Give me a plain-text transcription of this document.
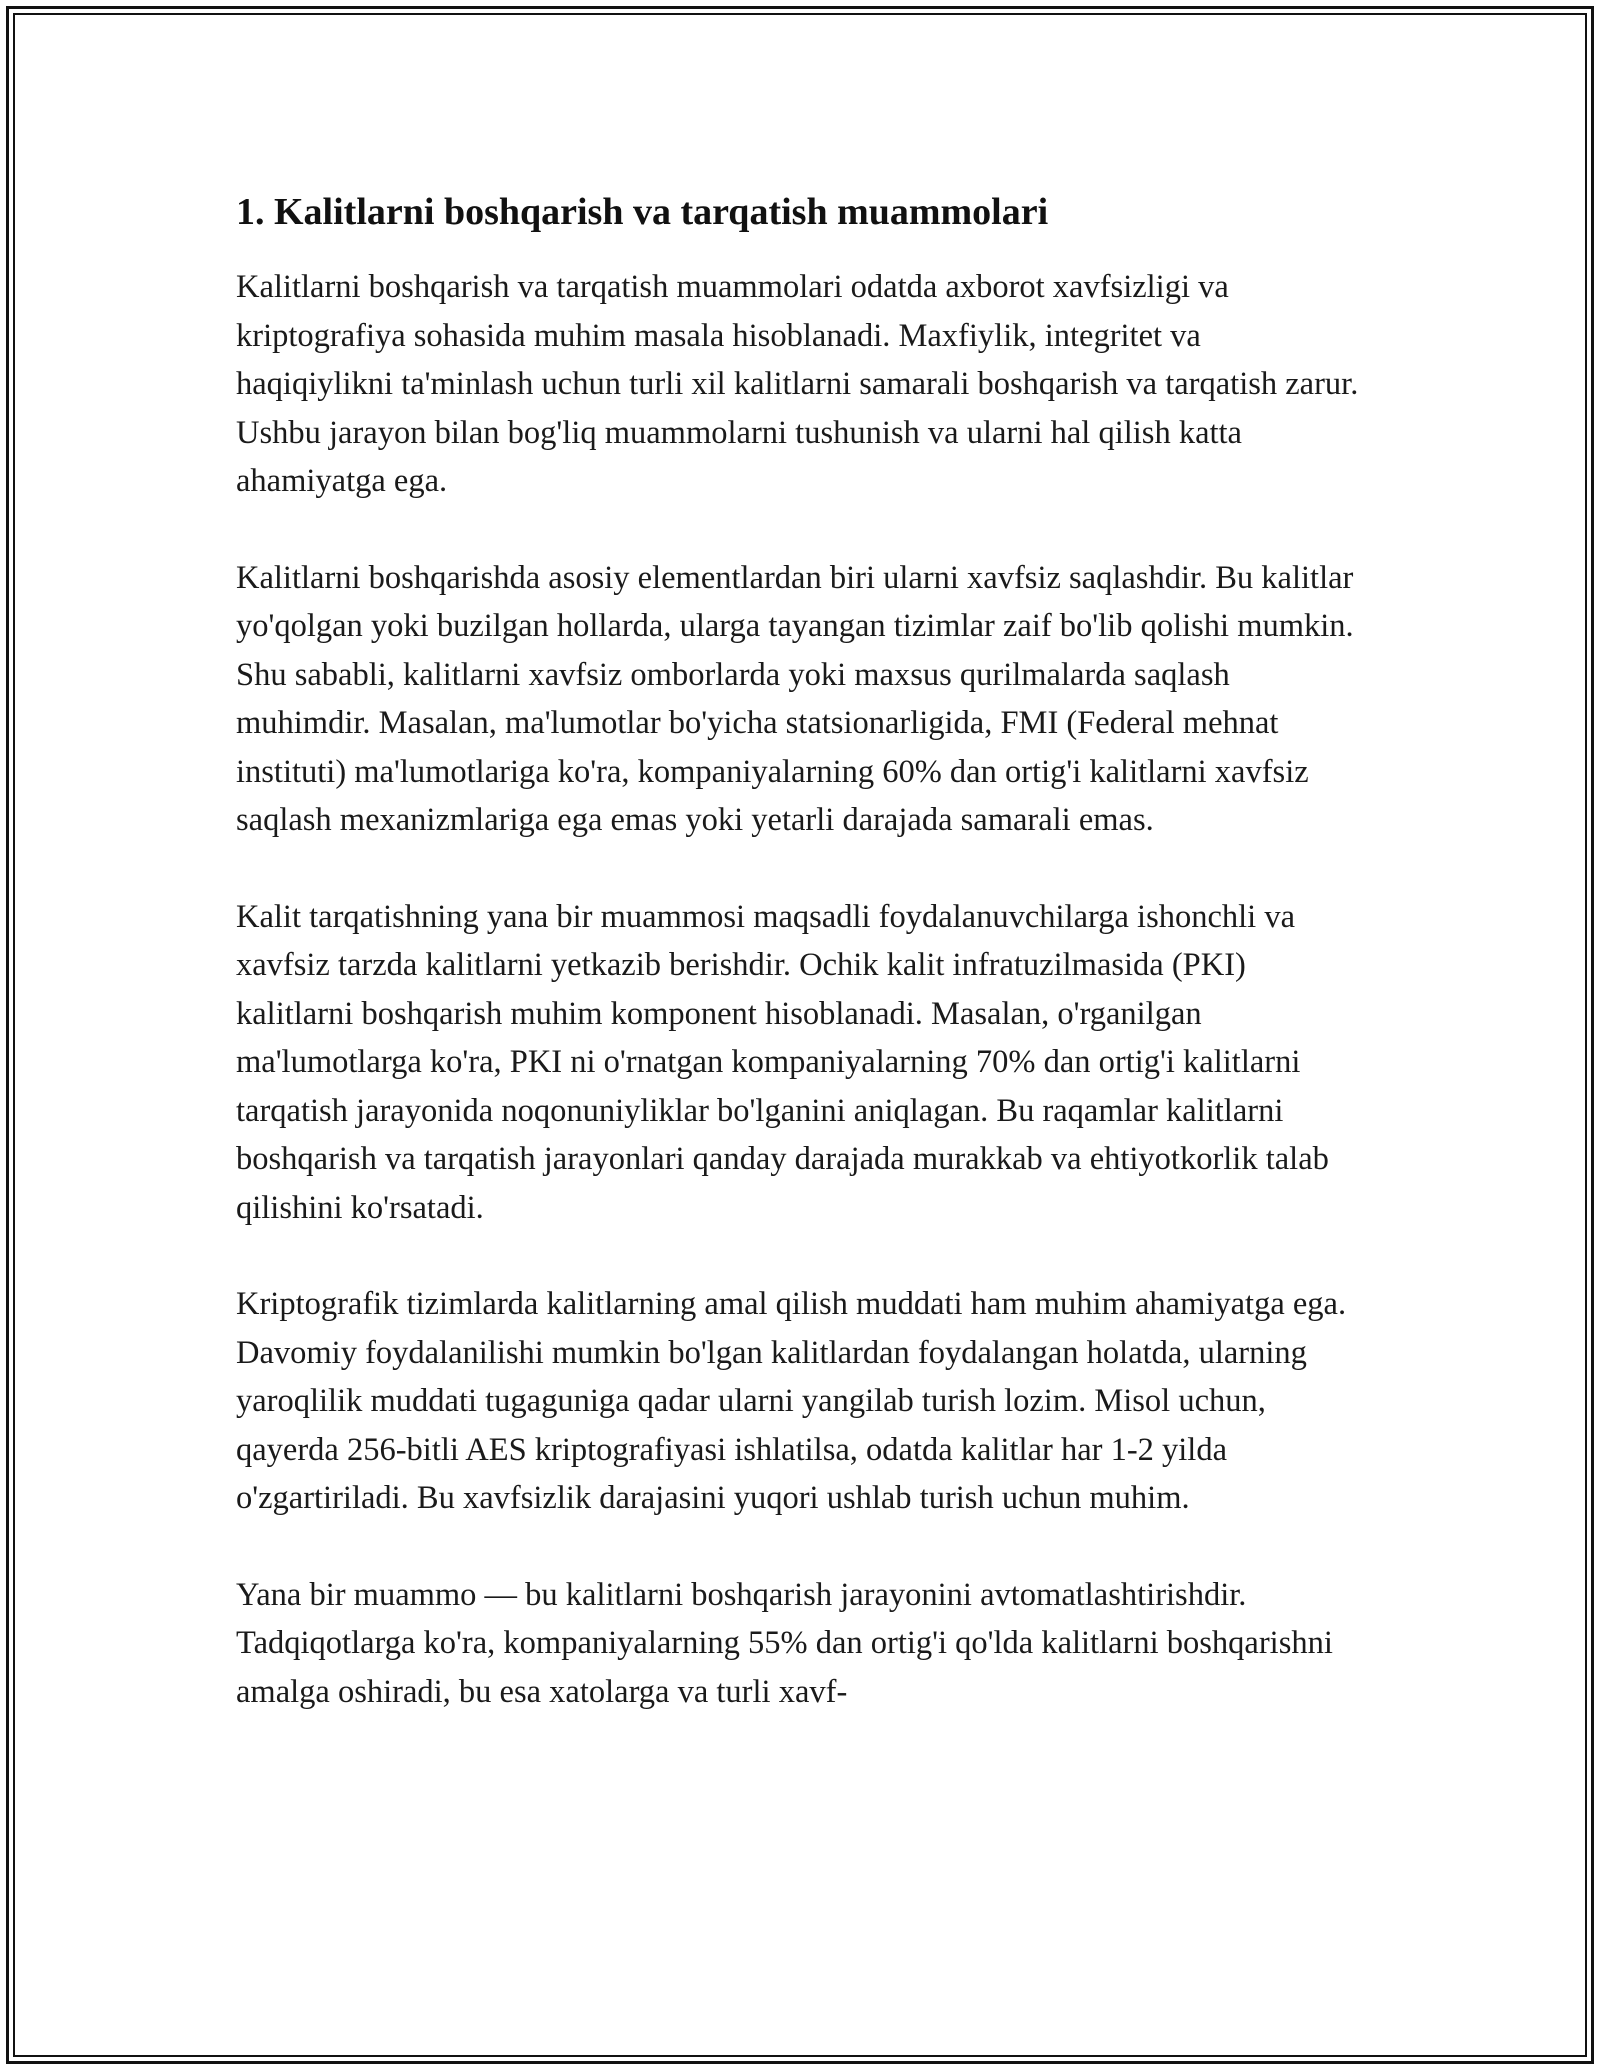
1. Kalitlarni boshqarish va tarqatish muammolari

Kalitlarni boshqarish va tarqatish muammolari odatda axborot xavfsizligi va kriptografiya sohasida muhim masala hisoblanadi. Maxfiylik, integritet va haqiqiylikni ta'minlash uchun turli xil kalitlarni samarali boshqarish va tarqatish zarur. Ushbu jarayon bilan bog'liq muammolarni tushunish va ularni hal qilish katta ahamiyatga ega.

Kalitlarni boshqarishda asosiy elementlardan biri ularni xavfsiz saqlashdir. Bu kalitlar yo'qolgan yoki buzilgan hollarda, ularga tayangan tizimlar zaif bo'lib qolishi mumkin. Shu sababli, kalitlarni xavfsiz omborlarda yoki maxsus qurilmalarda saqlash muhimdir. Masalan, ma'lumotlar bo'yicha statsionarligida, FMI (Federal mehnat instituti) ma'lumotlariga ko'ra, kompaniyalarning 60% dan ortig'i kalitlarni xavfsiz saqlash mexanizmlariga ega emas yoki yetarli darajada samarali emas.

Kalit tarqatishning yana bir muammosi maqsadli foydalanuvchilarga ishonchli va xavfsiz tarzda kalitlarni yetkazib berishdir. Ochik kalit infratuzilmasida (PKI) kalitlarni boshqarish muhim komponent hisoblanadi. Masalan, o'rganilgan ma'lumotlarga ko'ra, PKI ni o'rnatgan kompaniyalarning 70% dan ortig'i kalitlarni tarqatish jarayonida noqonuniyliklar bo'lganini aniqlagan. Bu raqamlar kalitlarni boshqarish va tarqatish jarayonlari qanday darajada murakkab va ehtiyotkorlik talab qilishini ko'rsatadi.

Kriptografik tizimlarda kalitlarning amal qilish muddati ham muhim ahamiyatga ega. Davomiy foydalanilishi mumkin bo'lgan kalitlardan foydalangan holatda, ularning yaroqlilik muddati tugaguniga qadar ularni yangilab turish lozim. Misol uchun, qayerda 256-bitli AES kriptografiyasi ishlatilsa, odatda kalitlar har 1-2 yilda o'zgartiriladi. Bu xavfsizlik darajasini yuqori ushlab turish uchun muhim.

Yana bir muammo — bu kalitlarni boshqarish jarayonini avtomatlashtirishdir. Tadqiqotlarga ko'ra, kompaniyalarning 55% dan ortig'i qo'lda kalitlarni boshqarishni amalga oshiradi, bu esa xatolarga va turli xavf-
